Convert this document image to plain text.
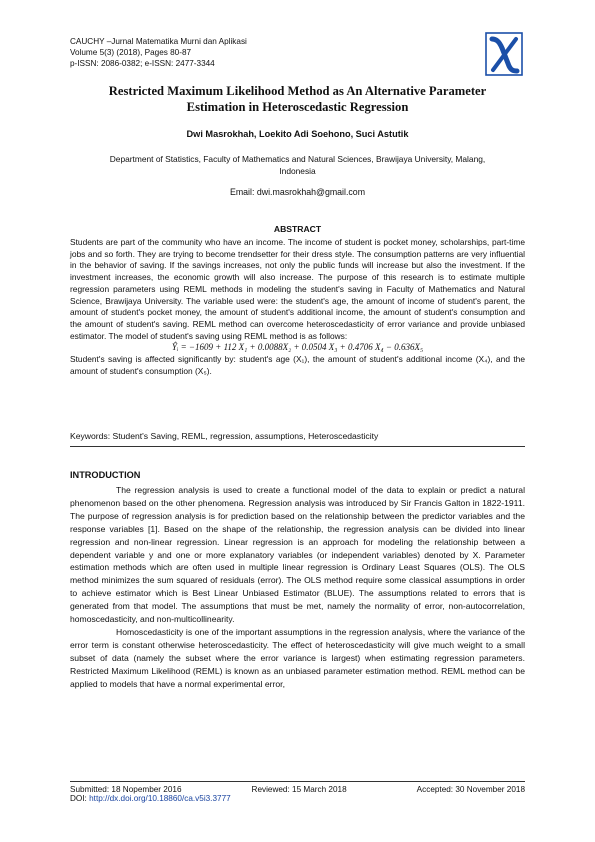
CAUCHY –Jurnal Matematika Murni dan Aplikasi
Volume 5(3) (2018), Pages 80-87
p-ISSN: 2086-0382; e-ISSN: 2477-3344
Restricted Maximum Likelihood Method as An Alternative Parameter
Estimation in Heteroscedastic Regression
Dwi Masrokhah, Loekito Adi Soehono, Suci Astutik
Department of Statistics, Faculty of Mathematics and Natural Sciences, Brawijaya University, Malang,
Indonesia
Email: dwi.masrokhah@gmail.com
ABSTRACT

Students are part of the community who have an income. The income of student is pocket money, scholarships, part-time jobs and so forth. They are trying to become trendsetter for their dress style. The consumption patterns are very influential in the behavior of saving. If the savings increases, not only the public funds will increase but also the investment. If the investment increases, the economic growth will also increase. The purpose of this research is to estimate multiple regression parameters using REML methods in modeling the student's saving in Faculty of Mathematics and Natural Science, Brawijaya University. The variable used were: the student's age, the amount of income of student's parent, the amount of student's pocket money, the amount of student's additional income, the amount of student's consumption and the amount of student's saving. REML method can overcome heteroscedasticity of error variance and provide unbiased estimator. The model of student's saving using REML method is as follows:

Ŷᵢ = −1609 + 112 X₁ + 0.0088X₂ + 0.0504 X₃ + 0.4706 X₄ − 0.636X₅

Student's saving is affected significantly by: student's age (X₁), the amount of student's additional income (X₄), and the amount of student's consumption (X₅).

Keywords: Student's Saving, REML, regression, assumptions, Heteroscedasticity
INTRODUCTION

The regression analysis is used to create a functional model of the data to explain or predict a natural phenomenon based on the other phenomena. Regression analysis was introduced by Sir Francis Galton in 1822-1911. The purpose of regression analysis is for prediction based on the relationship between the predictor variables and the response variables [1]. Based on the shape of the relationship, the regression analysis can be divided into linear regression and non-linear regression. Linear regression is an approach for modeling the relationship between a dependent variable y and one or more explanatory variables (or independent variables) denoted by X. Parameter estimation methods which are often used in multiple linear regression is Ordinary Least Squares (OLS). The OLS method minimizes the sum squared of residuals (error). The OLS method require some classical assumptions in order to achieve estimator which is Best Linear Unbiased Estimator (BLUE). The assumptions related to errors that is generated from that model. The assumptions that must be met, namely the normality of error, non-autocorrelation, homoscedasticity, and non-multicollinearity.

Homoscedasticity is one of the important assumptions in the regression analysis, where the variance of the error term is constant otherwise heteroscedasticity. The effect of heteroscedasticity will give much weight to a small subset of data (namely the subset where the error variance is largest) when estimating regression parameters. Restricted Maximum Likelihood (REML) is known as an unbiased parameter estimation method. REML method can be applied to models that have a normal experimental error,

Submitted: 18 Nopember 2016	Reviewed: 15 March 2018	Accepted: 30 November 2018
DOI: http://dx.doi.org/10.18860/ca.v5i3.3777
